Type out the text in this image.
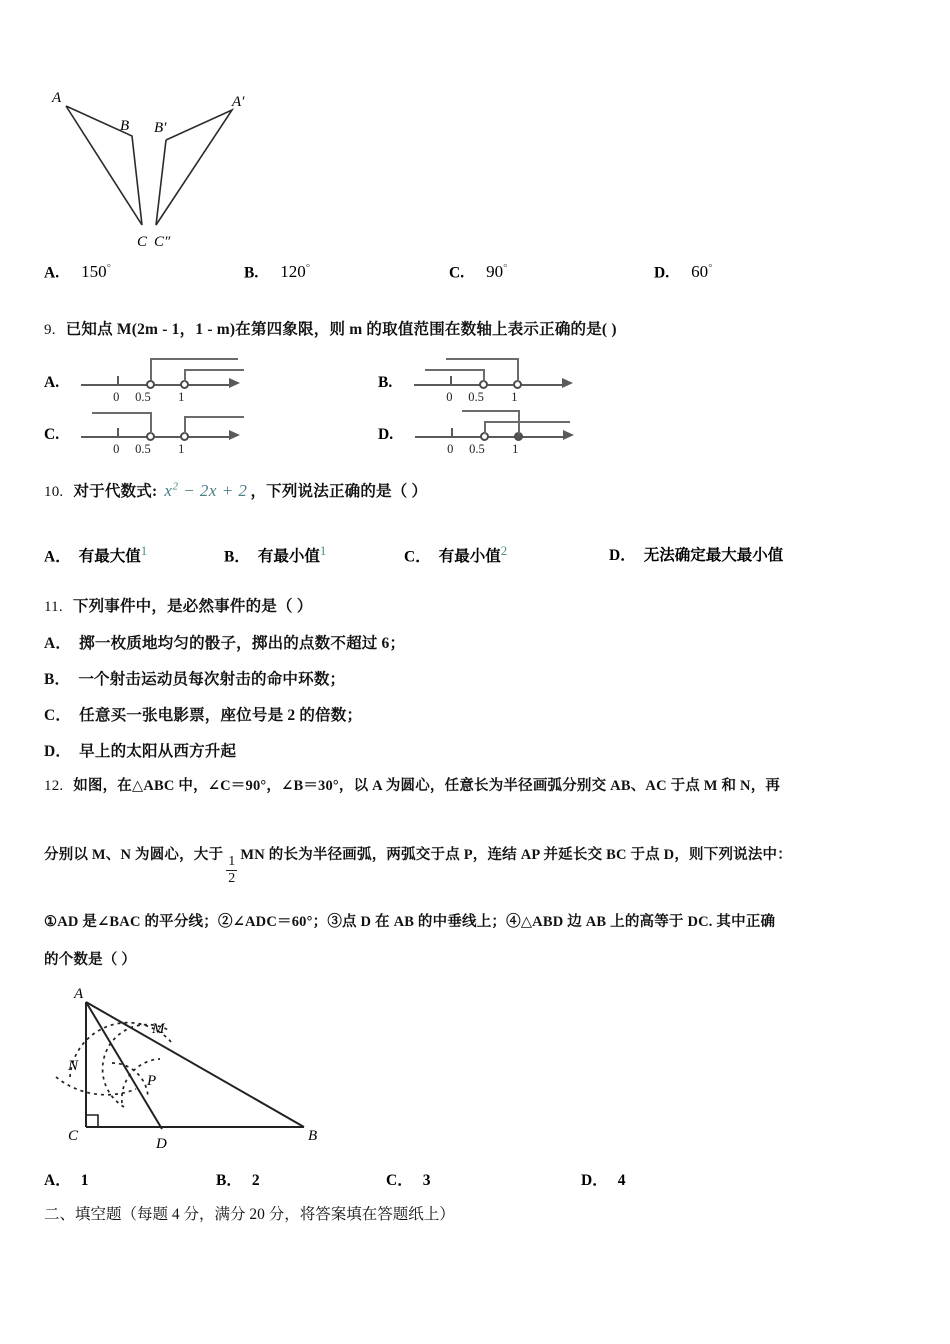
A
B
C
B′
A′
C″
A. 150°	B. 120°	C. 90°	D. 60°
9. 已知点 M(2m - 1，1 - m)在第四象限，则 m 的取值范围在数轴上表示正确的是( )
A.
0 0.5 1
B.
0 0.5 1
C.
0 0.5 1
D.
0 0.5 1
10. 对于代数式: $x^2 - 2x + 2$ ，下列说法正确的是（ ）
A． 有最大值$^1$	B． 有最小值$^1$	C． 有最小值$^2$	D． 无法确定最大最小值
11. 下列事件中，是必然事件的是（ ）
A． 掷一枚质地均匀的骰子，掷出的点数不超过 6；
B． 一个射击运动员每次射击的命中环数；
C． 任意买一张电影票，座位号是 2 的倍数；
D． 早上的太阳从西方升起
12. 如图，在△ABC 中，∠C＝90°，∠B＝30°，以 A 为圆心，任意长为半径画弧分别交 AB、AC 于点 M 和 N，再
分别以 M、N 为圆心，大于
$\frac{1}{2}$
MN 的长为半径画弧，两弧交于点 P，连结 AP 并延长交 BC 于点 D，则下列说法中：
①AD 是∠BAC 的平分线；②∠ADC＝60°；③点 D 在 AB 的中垂线上；④△ABD 边 AB 上的高等于 DC. 其中正确
的个数是（ ）
A
M
N
P
C	D	B
A． 1	B． 2	C． 3	D． 4
二、填空题（每题 4 分，满分 20 分，将答案填在答题纸上）
